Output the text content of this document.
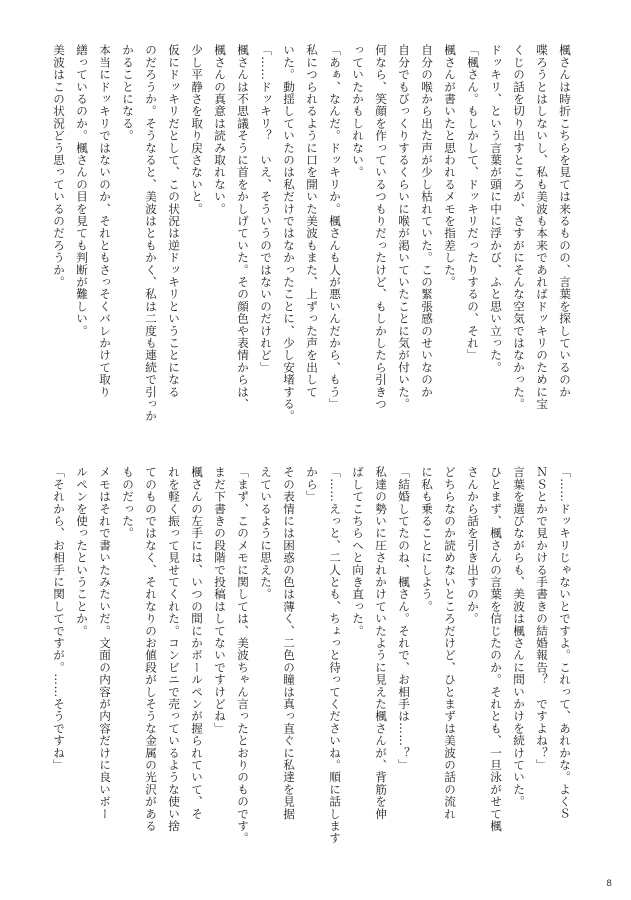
楓さんは時折こちらを見ては来るものの、言葉を探しているのか

喋ろうとはしないし、私も美波も本来であればドッキリのために宝

くじの話を切り出すところが、さすがにそんな空気ではなかった。

ドッキリ、という言葉が頭に中に浮かび、ふと思い立った。

「楓さん。もしかして、ドッキリだったりするの、それ」

楓さんが書いたと思われるメモを指差した。

自分の喉から出た声が少し枯れていた。この緊張感のせいなのか

自分でもびっくりするくらいに喉が渇いていたことに気が付いた。

何なら、笑顔を作っているつもりだったけど、もしかしたら引きつ

っていたかもしれない。

「あぁ、なんだ。ドッキリか。楓さんも人が悪いんだから、もう」

私につられるように口を開いた美波もまた、上ずった声を出して

いた。動揺していたのは私だけではなかったことに、少し安堵する。

「……ドッキリ？　いえ、そういうのではないのだけれど」

楓さんは不思議そうに首をかしげていた。その顔色や表情からは、

楓さんの真意は読み取れない。

少し平静さを取り戻さないと。

仮にドッキリだとして、この状況は逆ドッキリということになる

のだろうか。そうなると、美波はともかく、私は二度も連続で引っか

かることになる。

本当にドッキリではないのか、それともさっそくバレかけて取り

繕っているのか。楓さんの目を見ても判断が難しい。

美波はこの状況どう思っているのだろうか。

「……ドッキリじゃないとですよ。これって、あれかな。よくＳ

ＮＳとかで見かける手書きの結婚報告？　ですよね？」

言葉を選びながらも、美波は楓さんに問いかけを続けていた。

ひとまず、楓さんの言葉を信じたのか。それとも、一旦泳がせて楓

さんから話を引き出すのか。

どちらなのか読めないところだけど、ひとまずは美波の話の流れ

に私も乗ることにしよう。

「結婚してたのね、楓さん。それで、お相手は……？」

私達の勢いに圧されかけていたように見えた楓さんが、背筋を伸

ばしてこちらへと向き直った。

「……えっと、二人とも、ちょっと待ってくださいね。順に話します

から」

その表情には困惑の色は薄く、二色の瞳は真っ直ぐに私達を見据

えているように思えた。

「まず、このメモに関しては、美波ちゃん言ったとおりのものです。

まだ下書きの段階で投稿はしてないですけどね」

楓さんの左手には、いつの間にかボールペンが握られていて、そ

れを軽く振って見せてくれた。コンビニで売っているような使い捨

てのものではなく、それなりのお値段がしそうな金属の光沢がある

ものだった。

メモはそれで書いたみたいだ。文面の内容が内容だけに良いボー

ルペンを使ったということか。

「それから、お相手に関してですが。……そうですね」

8
